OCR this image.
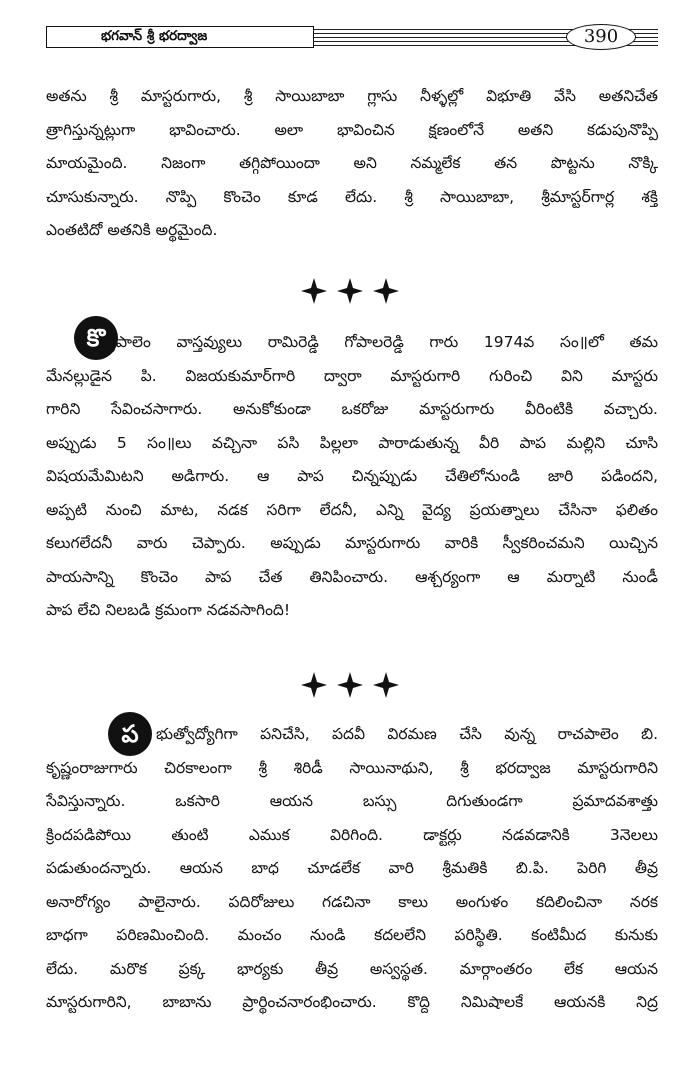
భగవాన్ శ్రీ భరద్వాజ	390
అతను శ్రీ మాస్టరుగారు, శ్రీ సాయిబాబా గ్లాసు నీళ్ళల్లో విభూతి వేసి అతనిచేత
త్రాగిస్తున్నట్లుగా భావించారు. అలా భావించిన క్షణంలోనే అతని కడుపునొప్పి
మాయమైంది. నిజంగా తగ్గిపోయిందా అని నమ్మలేక తన పొట్టను నొక్కి
చూసుకున్నారు. నొప్పి కొంచెం కూడ లేదు. శ్రీ సాయిబాబా, శ్రీమాస్టర్‌గార్ల శక్తి
ఎంతటిదో అతనికి అర్థమైంది.
కొ
త్తపాలెం వాస్తవ్యులు రామిరెడ్డి గోపాలరెడ్డి గారు 1974వ సం॥లో తమ
మేనల్లుడైన పి. విజయకుమార్‌గారి ద్వారా మాస్టరుగారి గురించి విని మాస్టరు
గారిని సేవించసాగారు. అనుకోకుండా ఒకరోజు మాస్టరుగారు వీరింటికి వచ్చారు.
అప్పుడు 5 సం॥లు వచ్చినా పసి పిల్లలా పారాడుతున్న వీరి పాప మల్లిని చూసి
విషయమేమిటని అడిగారు. ఆ పాప చిన్నప్పుడు చేతిలోనుండి జారి పడిందని,
అప్పటి నుంచి మాట, నడక సరిగా లేదనీ, ఎన్ని వైద్య ప్రయత్నాలు చేసినా ఫలితం
కలుగలేదనీ వారు చెప్పారు. అప్పుడు మాస్టరుగారు వారికి స్వీకరించమని యిచ్చిన
పాయసాన్ని కొంచెం పాప చేత తినిపించారు. ఆశ్చర్యంగా ఆ మర్నాటి నుండీ
పాప లేచి నిలబడి క్రమంగా నడవసాగింది!
ప	భుత్వోద్యోగిగా పనిచేసి, పదవీ విరమణ చేసి వున్న రాచపాలెం బి.
కృష్ణంరాజుగారు చిరకాలంగా శ్రీ శిరిడీ సాయినాథుని, శ్రీ భరద్వాజ మాస్టరుగారిని
సేవిస్తున్నారు. ఒకసారి ఆయన బస్సు దిగుతుండగా ప్రమాదవశాత్తు
క్రిందపడిపోయి తుంటి ఎముక విరిగింది. డాక్టర్లు నడవడానికి 3నెలలు
పడుతుందన్నారు. ఆయన బాధ చూడలేక వారి శ్రీమతికి బి.పి. పెరిగి తీవ్ర
అనారోగ్యం పాలైనారు. పదిరోజులు గడచినా కాలు అంగుళం కదిలించినా నరక
బాధగా పరిణమించింది. మంచం నుండి కదలలేని పరిస్థితి. కంటిమీద కునుకు
లేదు. మరొక ప్రక్క భార్యకు తీవ్ర అస్వస్థత. మార్గాంతరం లేక ఆయన
మాస్టరుగారిని, బాబాను ప్రార్థించనారంభించారు. కొద్ది నిమిషాలకే ఆయనకి నిద్ర
